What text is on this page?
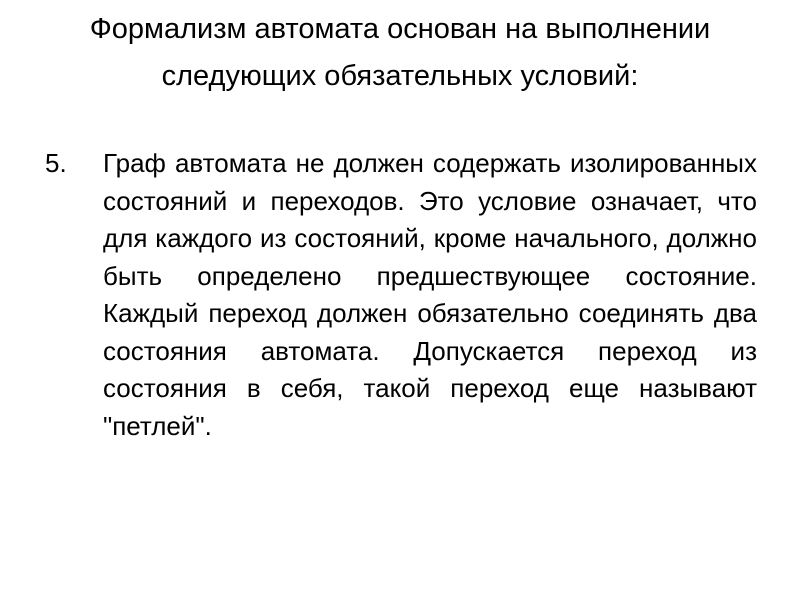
Формализм автомата основан на выполнении следующих обязательных условий:
5.	Граф автомата не должен содержать изолированных состояний и переходов. Это условие означает, что для каждого из состояний, кроме начального, должно быть определено предшествующее состояние. Каждый переход должен обязательно соединять два состояния автомата. Допускается переход из состояния в себя, такой переход еще называют "петлей".
